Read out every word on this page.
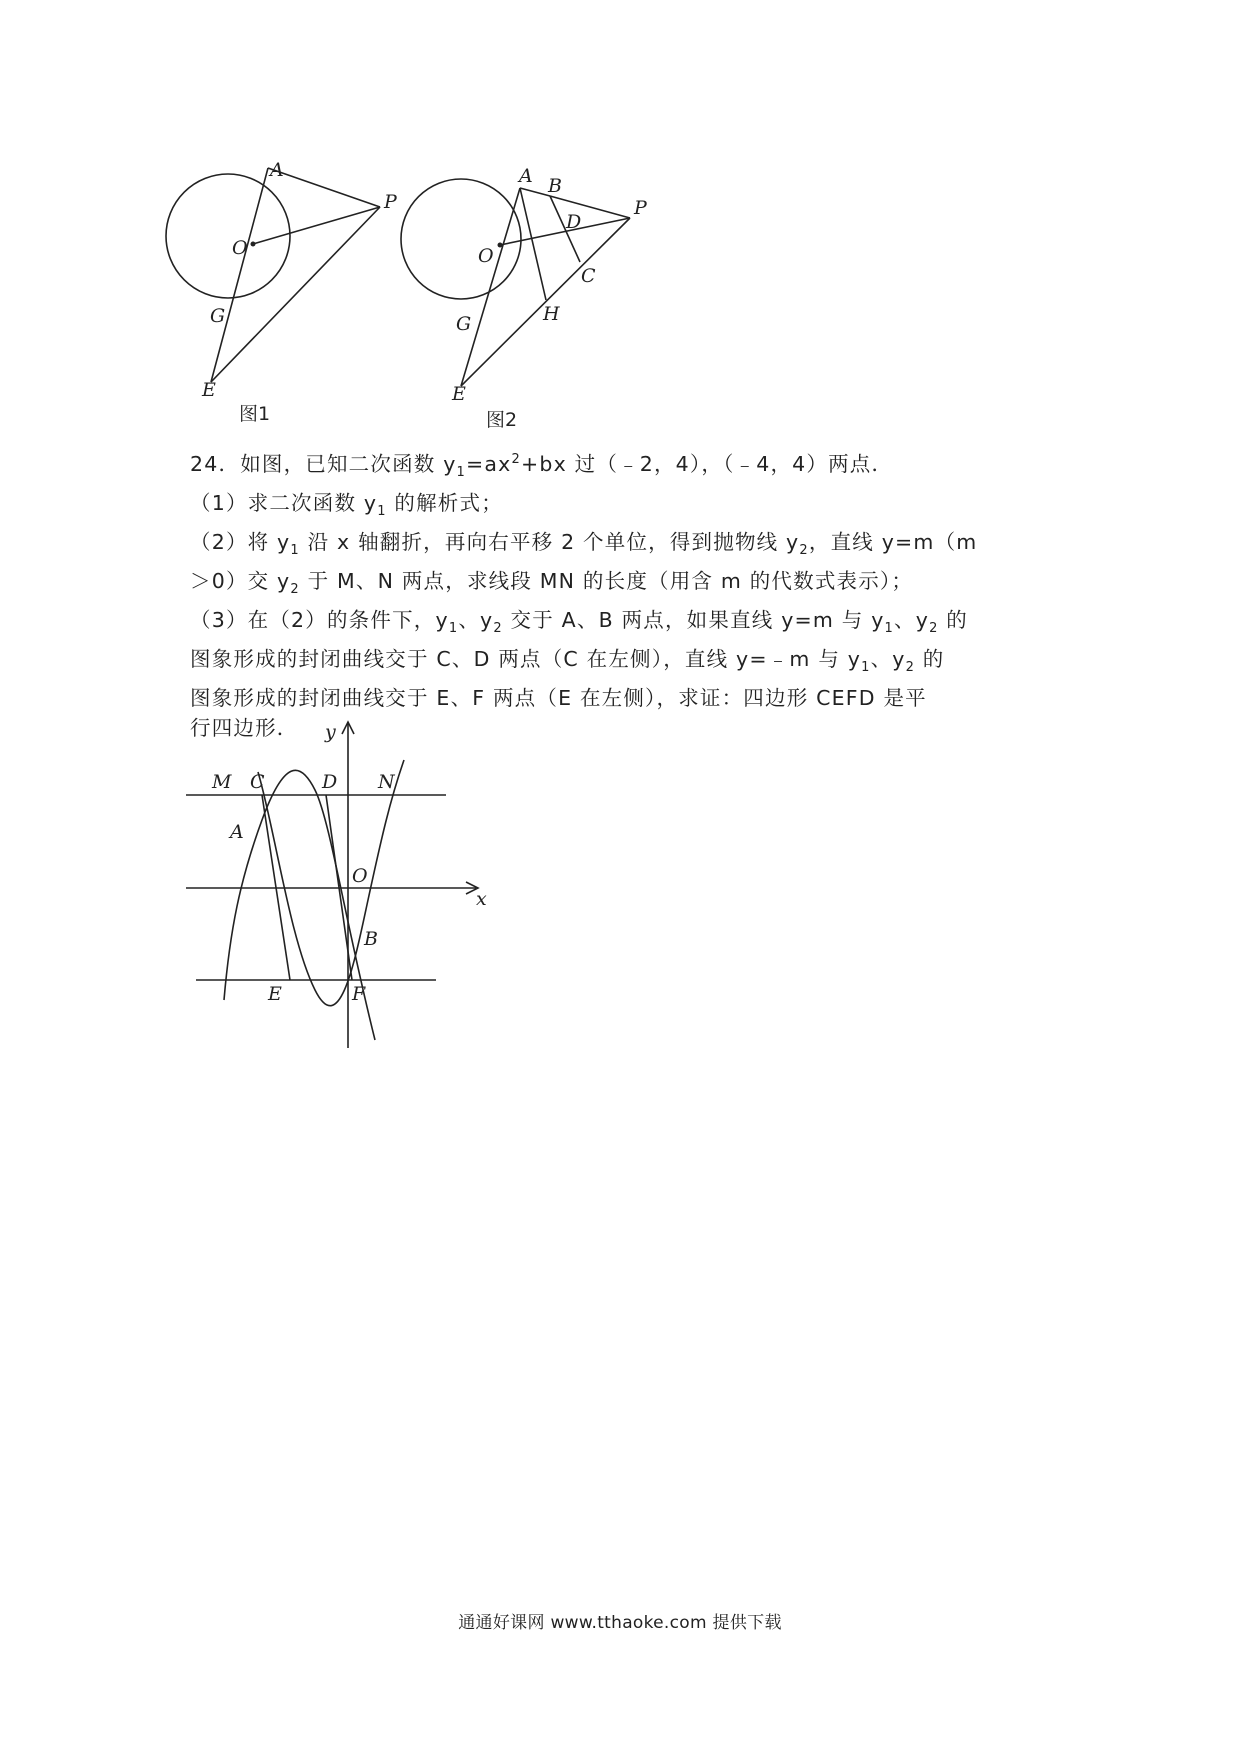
A
P
O
G
E
图1
A B
P
D
O
C
H
G
E
图2

24．如图，已知二次函数 $y_1=ax^2+bx$ 过（﹣2，4），（﹣4，4）两点．

（1）求二次函数 $y_1$ 的解析式；

（2）将 $y_1$ 沿 x 轴翻折，再向右平移 2 个单位，得到抛物线 $y_2$，直线 y=m（m
＞0）交 $y_2$ 于 M、N 两点，求线段 MN 的长度（用含 m 的代数式表示）；

（3）在（2）的条件下，$y_1$、$y_2$ 交于 A、B 两点，如果直线 y=m 与 $y_1$、$y_2$ 的
图象形成的封闭曲线交于 C、D 两点（C 在左侧），直线 y=﹣m 与 $y_1$、$y_2$ 的
图象形成的封闭曲线交于 E、F 两点（E 在左侧），求证：四边形 CEFD 是平
行四边形．	y
x
O
M C	D N
A
B
E	F
通通好课网 www.tthaoke.com 提供下载
